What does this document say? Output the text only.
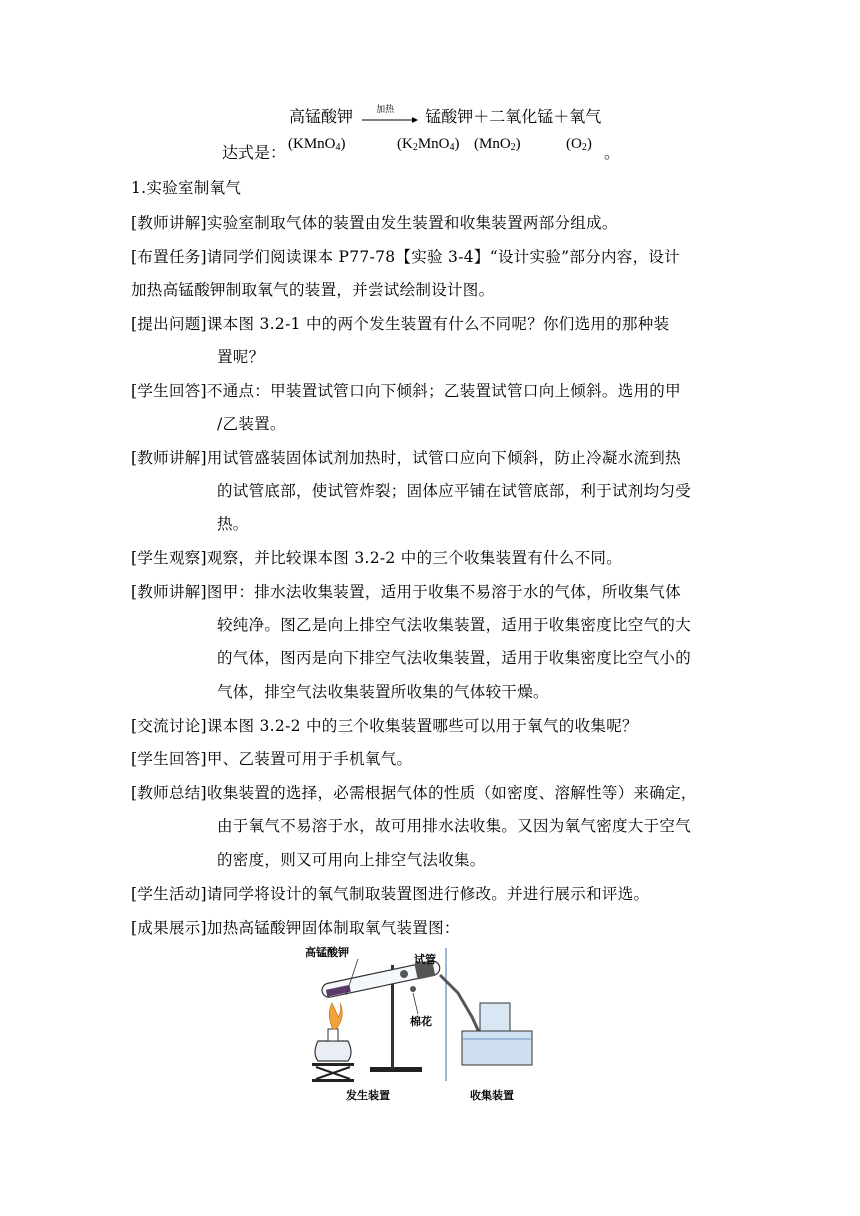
高锰酸钾	加热 锰酸钾＋二氧化锰＋氧气
达式是： (KMnO$_4$)	$(K_2MnO_4)$ (MnO$_2$)	$(O_2)$ 。
1.实验室制氧气
[教师讲解]实验室制取气体的装置由发生装置和收集装置两部分组成。
[布置任务]请同学们阅读课本 P77-78【实验 3-4】“设计实验”部分内容，设计
加热高锰酸钾制取氧气的装置，并尝试绘制设计图。
[提出问题]课本图 3.2-1 中的两个发生装置有什么不同呢？你们选用的那种装
置呢？
[学生回答]不通点：甲装置试管口向下倾斜；乙装置试管口向上倾斜。选用的甲
/乙装置。
[教师讲解]用试管盛装固体试剂加热时，试管口应向下倾斜，防止冷凝水流到热
的试管底部，使试管炸裂；固体应平铺在试管底部，利于试剂均匀受
热。
[学生观察]观察，并比较课本图 3.2-2 中的三个收集装置有什么不同。
[教师讲解]图甲：排水法收集装置，适用于收集不易溶于水的气体，所收集气体
较纯净。图乙是向上排空气法收集装置，适用于收集密度比空气的大
的气体，图丙是向下排空气法收集装置，适用于收集密度比空气小的
气体，排空气法收集装置所收集的气体较干燥。
[交流讨论]课本图 3.2-2 中的三个收集装置哪些可以用于氧气的收集呢？
[学生回答]甲、乙装置可用于手机氧气。
[教师总结]收集装置的选择，必需根据气体的性质（如密度、溶解性等）来确定，
由于氧气不易溶于水，故可用排水法收集。又因为氧气密度大于空气
的密度，则又可用向上排空气法收集。
[学生活动]请同学将设计的氧气制取装置图进行修改。并进行展示和评选。
[成果展示]加热高锰酸钾固体制取氧气装置图：
高锰酸钾
试管
棉花
发生装置	收集装置
